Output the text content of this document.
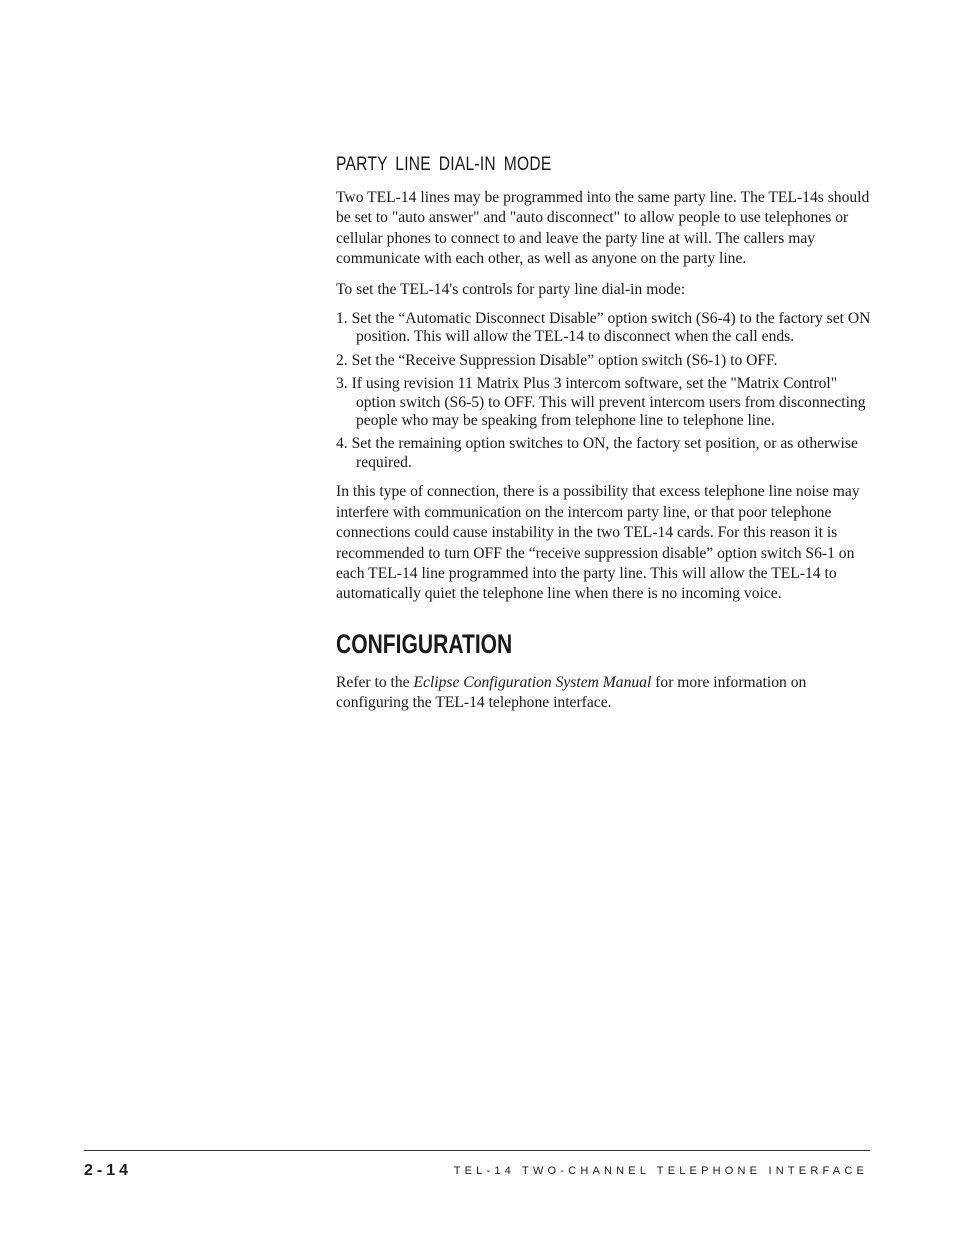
PARTY LINE DIAL-IN MODE

Two TEL-14 lines may be programmed into the same party line. The TEL-14s should be set to "auto answer" and "auto disconnect" to allow people to use telephones or cellular phones to connect to and leave the party line at will. The callers may communicate with each other, as well as anyone on the party line.

To set the TEL-14's controls for party line dial-in mode:

1. Set the “Automatic Disconnect Disable” option switch (S6-4) to the factory set ON position. This will allow the TEL-14 to disconnect when the call ends.
2. Set the “Receive Suppression Disable” option switch (S6-1) to OFF.
3. If using revision 11 Matrix Plus 3 intercom software, set the "Matrix Control" option switch (S6-5) to OFF. This will prevent intercom users from disconnecting people who may be speaking from telephone line to telephone line.
4. Set the remaining option switches to ON, the factory set position, or as otherwise required.

In this type of connection, there is a possibility that excess telephone line noise may interfere with communication on the intercom party line, or that poor telephone connections could cause instability in the two TEL-14 cards. For this reason it is recommended to turn OFF the “receive suppression disable” option switch S6-1 on each TEL-14 line programmed into the party line. This will allow the TEL-14 to automatically quiet the telephone line when there is no incoming voice.

CONFIGURATION

Refer to the Eclipse Configuration System Manual for more information on configuring the TEL-14 telephone interface.

2-14	TEL-14 TWO-CHANNEL TELEPHONE INTERFACE
